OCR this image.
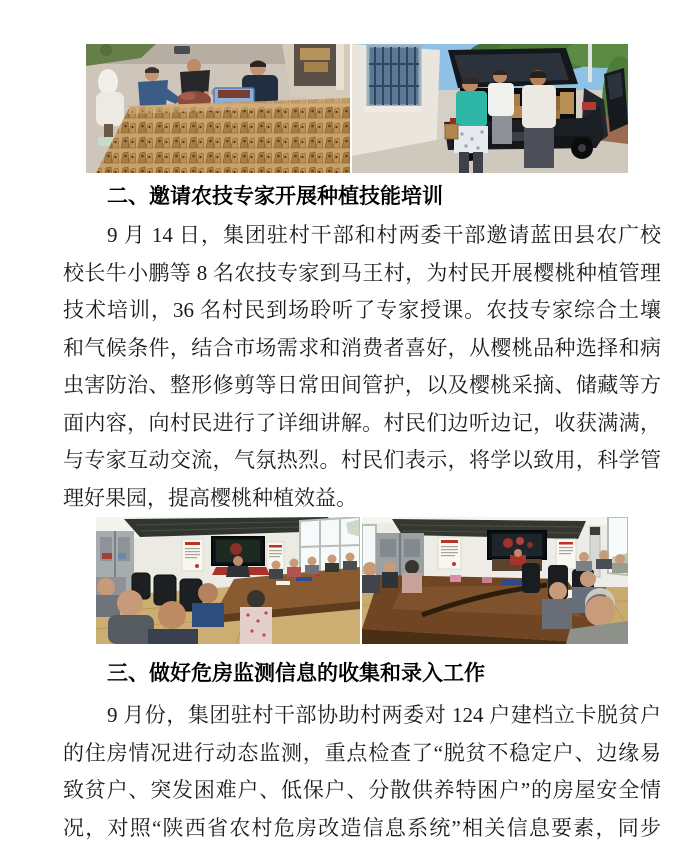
二、邀请农技专家开展种植技能培训
9 月 14 日，集团驻村干部和村两委干部邀请蓝田县农广校
校长牛小鹏等 8 名农技专家到马王村，为村民开展樱桃种植管理
技术培训，36 名村民到场聆听了专家授课。农技专家综合土壤
和气候条件，结合市场需求和消费者喜好，从樱桃品种选择和病
虫害防治、整形修剪等日常田间管护，以及樱桃采摘、储藏等方
面内容，向村民进行了详细讲解。村民们边听边记，收获满满，
与专家互动交流，气氛热烈。村民们表示，将学以致用，科学管
理好果园，提高樱桃种植效益。
三、做好危房监测信息的收集和录入工作
9 月份，集团驻村干部协助村两委对 124 户建档立卡脱贫户
的住房情况进行动态监测，重点检查了“脱贫不稳定户、边缘易
致贫户、突发困难户、低保户、分散供养特困户”的房屋安全情
况，对照“陕西省农村危房改造信息系统”相关信息要素，同步
